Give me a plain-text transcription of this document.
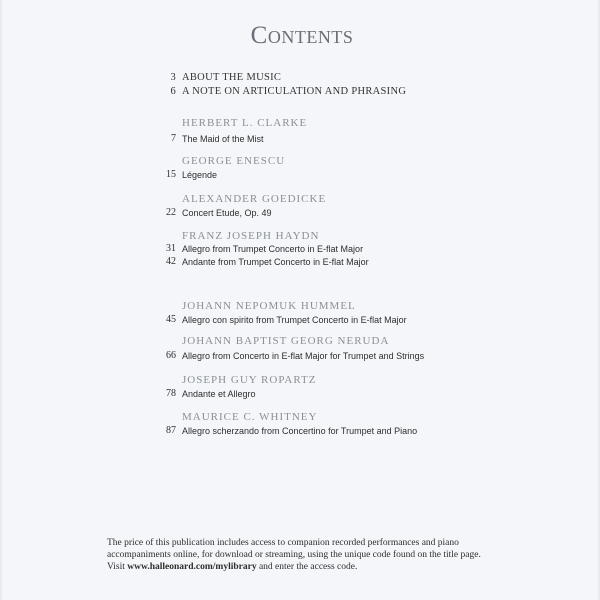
Contents
3 ABOUT THE MUSIC
6 A NOTE ON ARTICULATION AND PHRASING
HERBERT L. CLARKE
7 The Maid of the Mist
GEORGE ENESCU
15 Légende
ALEXANDER GOEDICKE
22 Concert Etude, Op. 49
FRANZ JOSEPH HAYDN
31 Allegro from Trumpet Concerto in E-flat Major
42 Andante from Trumpet Concerto in E-flat Major
JOHANN NEPOMUK HUMMEL
45 Allegro con spirito from Trumpet Concerto in E-flat Major
JOHANN BAPTIST GEORG NERUDA
66 Allegro from Concerto in E-flat Major for Trumpet and Strings
JOSEPH GUY ROPARTZ
78 Andante et Allegro
MAURICE C. WHITNEY
87 Allegro scherzando from Concertino for Trumpet and Piano
The price of this publication includes access to companion recorded performances and piano
accompaniments online, for download or streaming, using the unique code found on the title page.
Visit www.halleonard.com/mylibrary and enter the access code.
